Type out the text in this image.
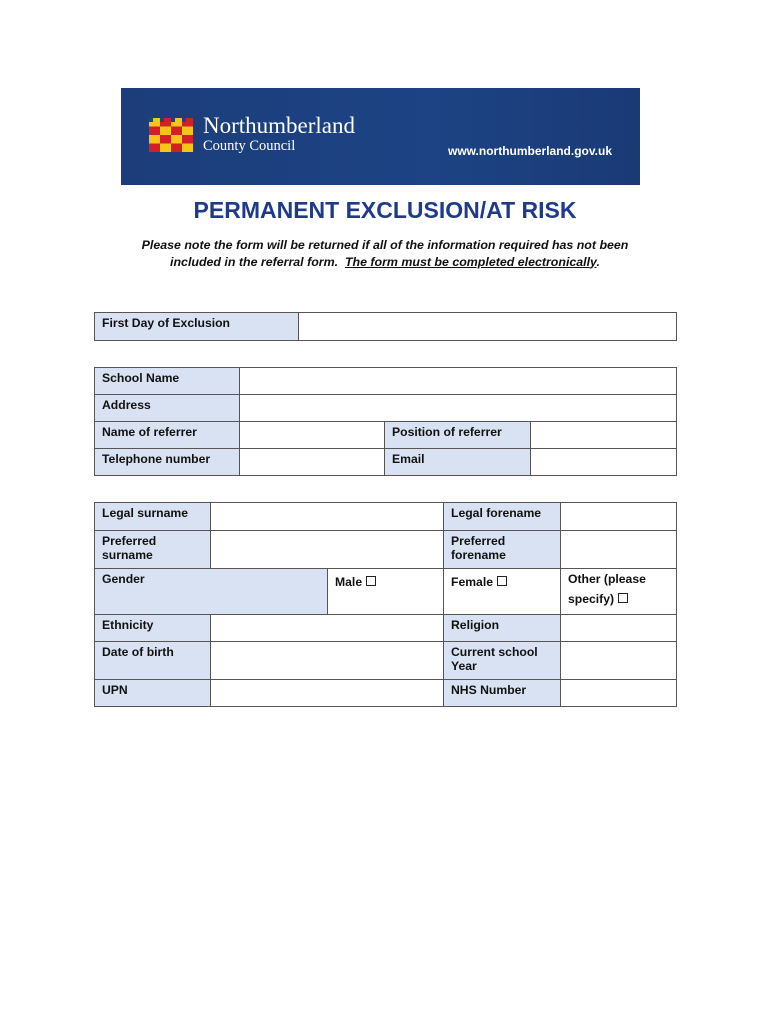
Northumberland
County Council	www.northumberland.gov.uk
PERMANENT EXCLUSION/AT RISK
Please note the form will be returned if all of the information required has not been
included in the referral form. The form must be completed electronically.
First Day of Exclusion	
School Name			
Address			
Name of referrer		Position of referrer	
Telephone number		Email	
Legal surname			Legal forename	
Preferred surname			Preferred forename	
Gender		Male	Female	Other (please specify)
Ethnicity			Religion	
Date of birth			Current school Year	
UPN			NHS Number	
